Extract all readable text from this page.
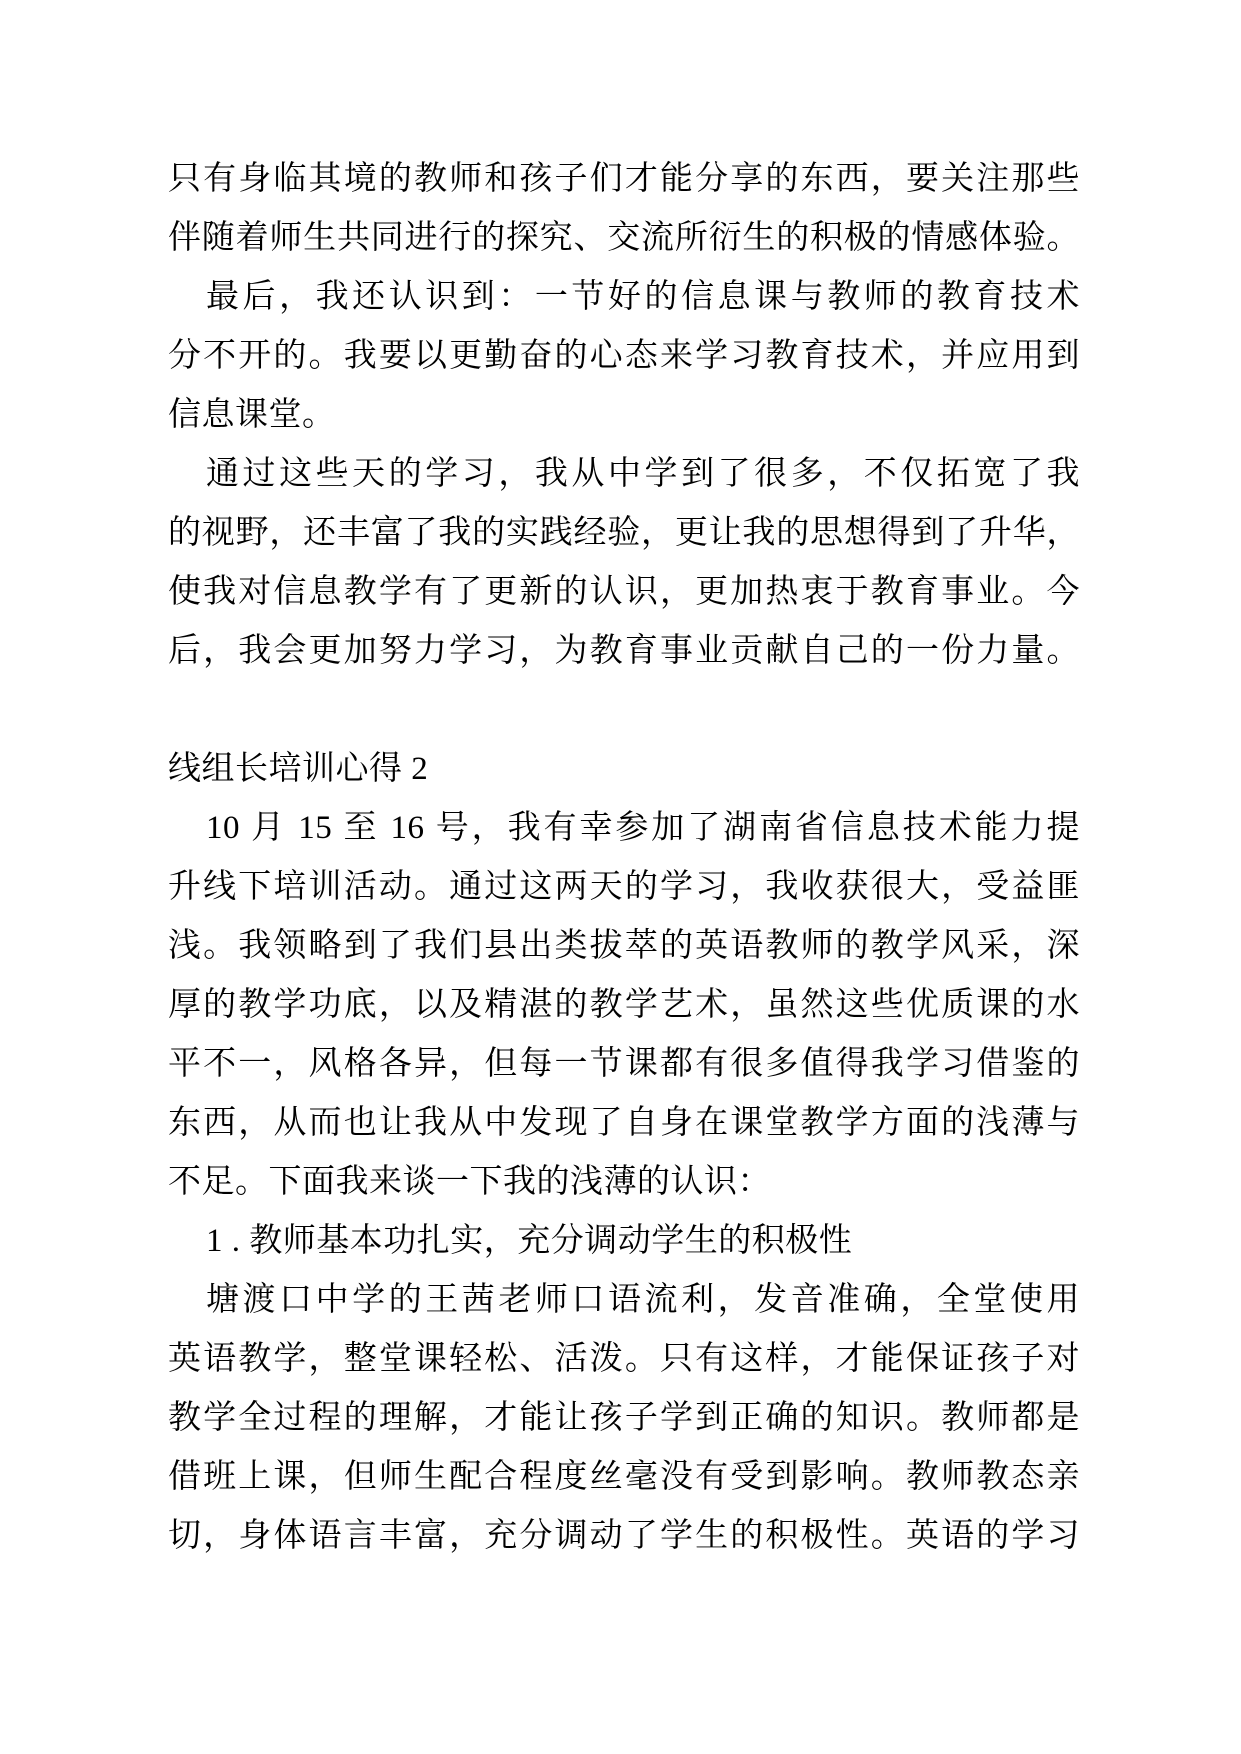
只有身临其境的教师和孩子们才能分享的东西，要关注那些
伴随着师生共同进行的探究、交流所衍生的积极的情感体验。
最后，我还认识到：一节好的信息课与教师的教育技术
分不开的。我要以更勤奋的心态来学习教育技术，并应用到
信息课堂。
通过这些天的学习，我从中学到了很多，不仅拓宽了我
的视野，还丰富了我的实践经验，更让我的思想得到了升华，
使我对信息教学有了更新的认识，更加热衷于教育事业。今
后，我会更加努力学习，为教育事业贡献自己的一份力量。
线组长培训心得 2
10 月 15 至 16 号，我有幸参加了湖南省信息技术能力提
升线下培训活动。通过这两天的学习，我收获很大，受益匪
浅。我领略到了我们县出类拔萃的英语教师的教学风采，深
厚的教学功底，以及精湛的教学艺术，虽然这些优质课的水
平不一，风格各异，但每一节课都有很多值得我学习借鉴的
东西，从而也让我从中发现了自身在课堂教学方面的浅薄与
不足。下面我来谈一下我的浅薄的认识：
1 . 教师基本功扎实，充分调动学生的积极性
塘渡口中学的王茜老师口语流利，发音准确，全堂使用
英语教学，整堂课轻松、活泼。只有这样，才能保证孩子对
教学全过程的理解，才能让孩子学到正确的知识。教师都是
借班上课，但师生配合程度丝毫没有受到影响。教师教态亲
切，身体语言丰富，充分调动了学生的积极性。英语的学习
